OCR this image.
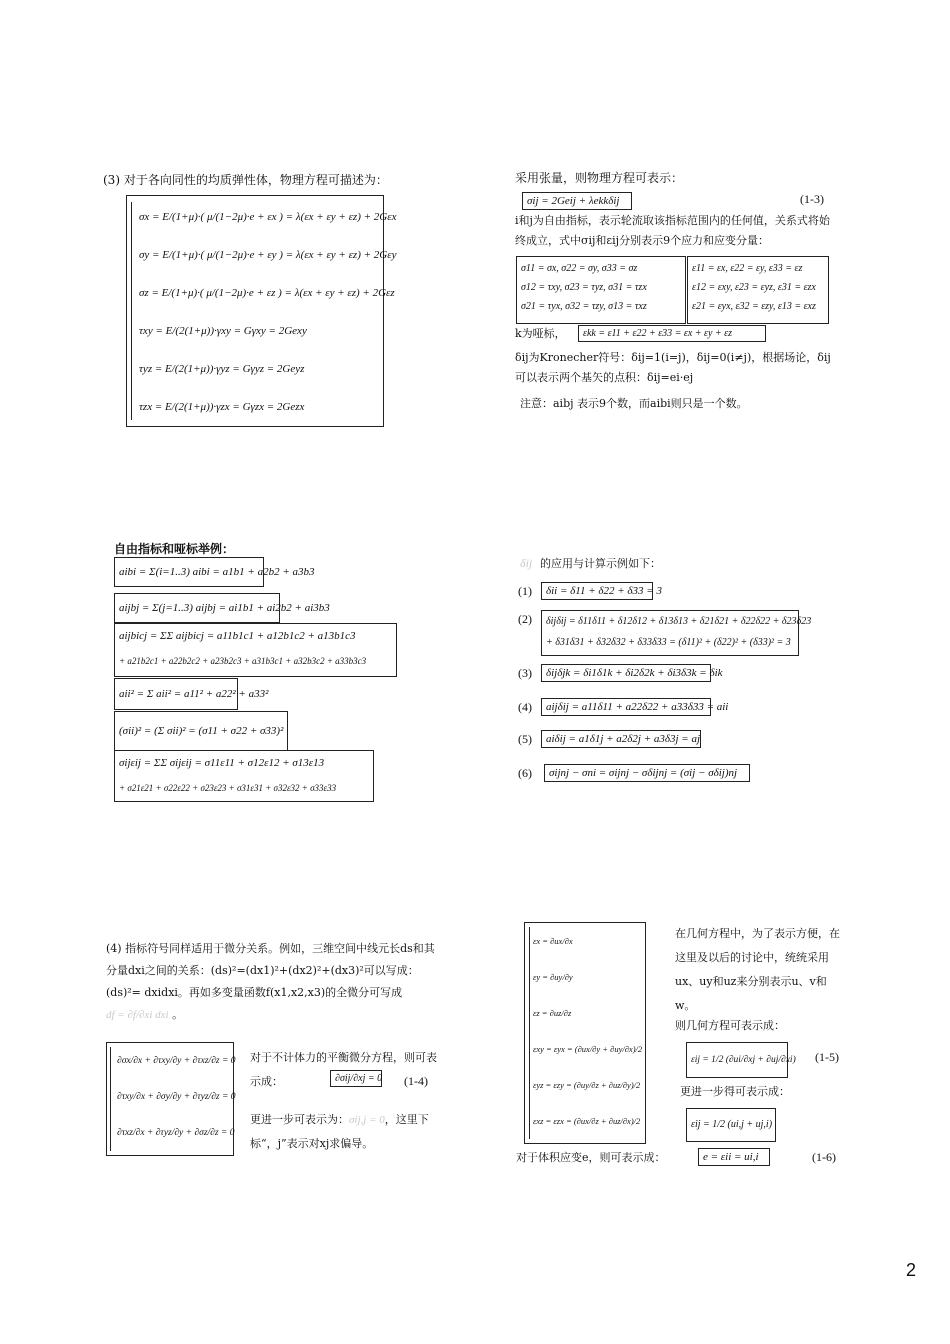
(3) 对于各向同性的均质弹性体，物理方程可描述为：
σx = E/(1+μ)·( μ/(1−2μ)·e + εx ) = λ(εx + εy + εz) + 2Gεx
σy = E/(1+μ)·( μ/(1−2μ)·e + εy ) = λ(εx + εy + εz) + 2Gεy
σz = E/(1+μ)·( μ/(1−2μ)·e + εz ) = λ(εx + εy + εz) + 2Gεz
τxy = E/(2(1+μ))·γxy = Gγxy = 2Gexy
τyz = E/(2(1+μ))·γyz = Gγyz = 2Geyz
τzx = E/(2(1+μ))·γzx = Gγzx = 2Gezx
采用张量，则物理方程可表示：
σij = 2Geij + λekkδij	(1-3)
i和j为自由指标，表示轮流取该指标范围内的任何值，关系式将始终成立，式中σij和εij分别表示9个应力和应变分量：
σ11 = σx, σ22 = σy, σ33 = σz
σ12 = τxy, σ23 = τyz, σ31 = τzx
σ21 = τyx, σ32 = τzy, σ13 = τxz
ε11 = εx, ε22 = εy, ε33 = εz
ε12 = εxy, ε23 = εyz, ε31 = εzx
ε21 = εyx, ε32 = εzy, ε13 = εxz
k为哑标，	εkk = ε11 + ε22 + ε33 = εx + εy + εz
δij为Kronecher符号：δij=1(i=j)，δij=0(i≠j)，根据场论，δij可以表示两个基矢的点积：δij=ei·ej
注意：aibj 表示9个数，而aibi则只是一个数。
自由指标和哑标举例：
aibi = Σ(i=1..3) aibi = a1b1 + a2b2 + a3b3
aijbj = Σ(j=1..3) aijbj = ai1b1 + ai2b2 + ai3b3
aijbicj = ΣΣ aijbicj = a11b1c1 + a12b1c2 + a13b1c3
+ a21b2c1 + a22b2c2 + a23b2c3 + a31b3c1 + a32b3c2 + a33b3c3
aii² = Σ aii² = a11² + a22² + a33²
(σii)² = (Σ σii)² = (σ11 + σ22 + σ33)²
σijεij = ΣΣ σijεij = σ11ε11 + σ12ε12 + σ13ε13
+ σ21ε21 + σ22ε22 + σ23ε23 + σ31ε31 + σ32ε32 + σ33ε33
δij 的应用与计算示例如下：
(1)	δii = δ11 + δ22 + δ33 = 3
(2) δijδij = δ11δ11 + δ12δ12 + δ13δ13 + δ21δ21 + δ22δ22 + δ23δ23
+ δ31δ31 + δ32δ32 + δ33δ33 = (δ11)² + (δ22)² + (δ33)² = 3
(3)	δijδjk = δi1δ1k + δi2δ2k + δi3δ3k = δik
(4)	aijδij = a11δ11 + a22δ22 + a33δ33 = aii
(5)	aiδij = a1δ1j + a2δ2j + a3δ3j = aj
(6)	σijnj − σni = σijnj − σδijnj = (σij − σδij)nj
(4) 指标符号同样适用于微分关系。例如，三维空间中线元长ds和其分量dxi之间的关系：(ds)²=(dx1)²+(dx2)²+(dx3)²可以写成：(ds)²= dxidxi。再如多变量函数f(x1,x2,x3)的全微分可写成 df = ∂f/∂xi dxi 。
∂σx/∂x + ∂τxy/∂y + ∂τxz/∂z = 0
∂τxy/∂x + ∂σy/∂y + ∂τyz/∂z = 0
∂τxz/∂x + ∂τyz/∂y + ∂σz/∂z = 0
对于不计体力的平衡微分方程，则可表示成：	∂σij/∂xj = 0 (1-4)
更进一步可表示为：σij,j = 0，这里下标“，j”表示对xj求偏导。
εx = ∂ux/∂x
εy = ∂uy/∂y
εz = ∂uz/∂z
εxy = εyx = (∂ux/∂y + ∂uy/∂x)/2
εyz = εzy = (∂uy/∂z + ∂uz/∂y)/2
εxz = εzx = (∂ux/∂z + ∂uz/∂x)/2
在几何方程中，为了表示方便，在这里及以后的讨论中，统统采用ux、uy和uz来分别表示u、v和w。
则几何方程可表示成：
εij = 1/2 (∂ui/∂xj + ∂uj/∂xi) (1-5)
更进一步得可表示成：
εij = 1/2 (ui,j + uj,i)
对于体积应变e，则可表示成：	e = εii = ui,i	(1-6)
2
